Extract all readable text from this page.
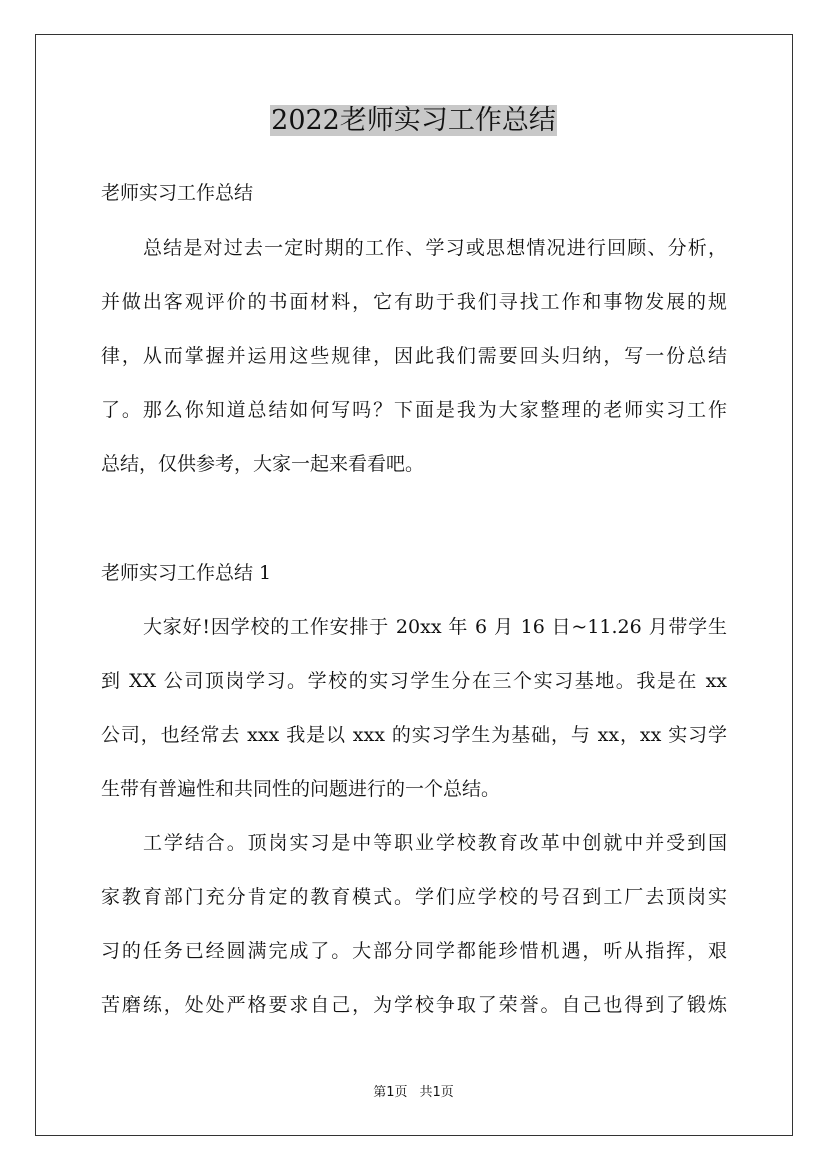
2022老师实习工作总结

老师实习工作总结

总结是对过去一定时期的工作、学习或思想情况进行回顾、分析，

并做出客观评价的书面材料，它有助于我们寻找工作和事物发展的规

律，从而掌握并运用这些规律，因此我们需要回头归纳，写一份总结

了。那么你知道总结如何写吗？下面是我为大家整理的老师实习工作

总结，仅供参考，大家一起来看看吧。

老师实习工作总结 1

大家好!因学校的工作安排于 20xx 年 6 月 16 日~11.26 月带学生

到 XX 公司顶岗学习。学校的实习学生分在三个实习基地。我是在 xx

公司，也经常去 xxx 我是以 xxx 的实习学生为基础，与 xx，xx 实习学

生带有普遍性和共同性的问题进行的一个总结。

工学结合。顶岗实习是中等职业学校教育改革中创就中并受到国

家教育部门充分肯定的教育模式。学们应学校的号召到工厂去顶岗实

习的任务已经圆满完成了。大部分同学都能珍惜机遇，听从指挥，艰

苦磨练，处处严格要求自己，为学校争取了荣誉。自己也得到了锻炼

第1页 共1页
